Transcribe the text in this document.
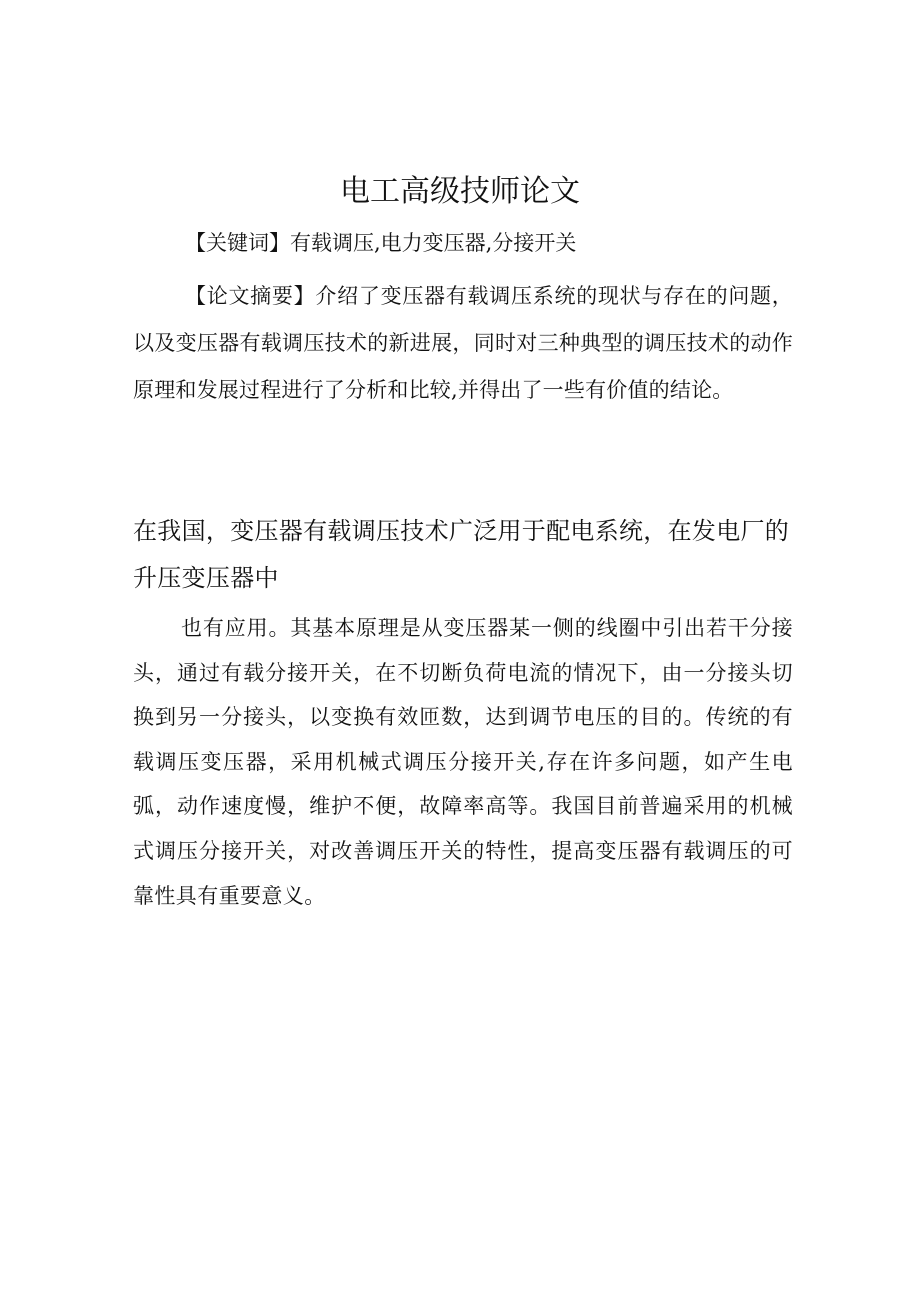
电工高级技师论文

【关键词】有载调压,电力变压器,分接开关

【论文摘要】介绍了变压器有载调压系统的现状与存在的问题，以及变压器有载调压技术的新进展，同时对三种典型的调压技术的动作原理和发展过程进行了分析和比较,并得出了一些有价值的结论。

在我国，变压器有载调压技术广泛用于配电系统，在发电厂的升压变压器中

也有应用。其基本原理是从变压器某一侧的线圈中引出若干分接头，通过有载分接开关，在不切断负荷电流的情况下，由一分接头切换到另一分接头，以变换有效匝数，达到调节电压的目的。传统的有载调压变压器，采用机械式调压分接开关,存在许多问题，如产生电弧，动作速度慢，维护不便，故障率高等。我国目前普遍采用的机械式调压分接开关，对改善调压开关的特性，提高变压器有载调压的可靠性具有重要意义。
